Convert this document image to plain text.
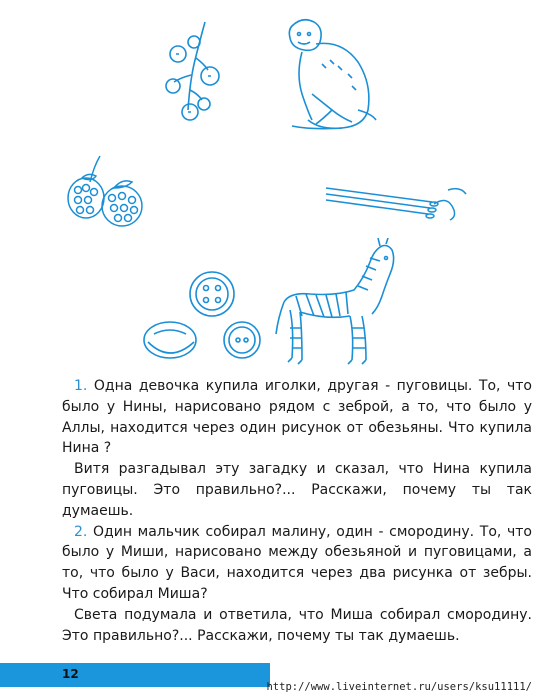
1. Одна девочка купила иголки, другая - пуговицы. То, что было у Нины, нарисовано рядом с зеброй, а то, что было у Аллы, находится через один рисунок от обезьяны. Что купила Нина ?

Витя разгадывал эту загадку и сказал, что Нина купила пуговицы. Это правильно?... Расскажи, почему ты так думаешь.

2. Один мальчик собирал малину, один - смородину. То, что было у Миши, нарисовано между обезьяной и пуговицами, а то, что было у Васи, находится через два рисунка от зебры. Что собирал Миша?

Света подумала и ответила, что Миша собирал смородину. Это правильно?... Расскажи, почему ты так думаешь.

12
http://www.liveinternet.ru/users/ksu11111/
